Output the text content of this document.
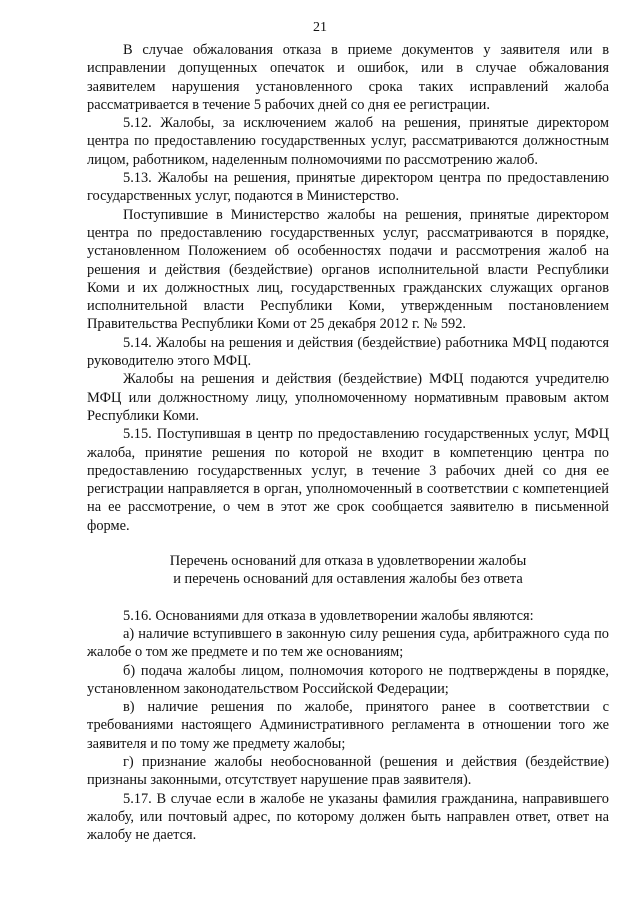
21

В случае обжалования отказа в приеме документов у заявителя или в исправлении допущенных опечаток и ошибок, или в случае обжалования заявителем нарушения установленного срока таких исправлений жалоба рассматривается в течение 5 рабочих дней со дня ее регистрации.

5.12. Жалобы, за исключением жалоб на решения, принятые директором центра по предоставлению государственных услуг, рассматриваются должностным лицом, работником, наделенным полномочиями по рассмотрению жалоб.

5.13. Жалобы на решения, принятые директором центра по предоставлению государственных услуг, подаются в Министерство.

Поступившие в Министерство жалобы на решения, принятые директором центра по предоставлению государственных услуг, рассматриваются в порядке, установленном Положением об особенностях подачи и рассмотрения жалоб на решения и действия (бездействие) органов исполнительной власти Республики Коми и их должностных лиц, государственных гражданских служащих органов исполнительной власти Республики Коми, утвержденным постановлением Правительства Республики Коми от 25 декабря 2012 г. № 592.

5.14. Жалобы на решения и действия (бездействие) работника МФЦ подаются руководителю этого МФЦ.

Жалобы на решения и действия (бездействие) МФЦ подаются учредителю МФЦ или должностному лицу, уполномоченному нормативным правовым актом Республики Коми.

5.15. Поступившая в центр по предоставлению государственных услуг, МФЦ жалоба, принятие решения по которой не входит в компетенцию центра по предоставлению государственных услуг, в течение 3 рабочих дней со дня ее регистрации направляется в орган, уполномоченный в соответствии с компетенцией на ее рассмотрение, о чем в этот же срок сообщается заявителю в письменной форме.

Перечень оснований для отказа в удовлетворении жалобы
и перечень оснований для оставления жалобы без ответа

5.16. Основаниями для отказа в удовлетворении жалобы являются:

а) наличие вступившего в законную силу решения суда, арбитражного суда по жалобе о том же предмете и по тем же основаниям;

б) подача жалобы лицом, полномочия которого не подтверждены в порядке, установленном законодательством Российской Федерации;

в) наличие решения по жалобе, принятого ранее в соответствии с требованиями настоящего Административного регламента в отношении того же заявителя и по тому же предмету жалобы;

г) признание жалобы необоснованной (решения и действия (бездействие) признаны законными, отсутствует нарушение прав заявителя).

5.17. В случае если в жалобе не указаны фамилия гражданина, направившего жалобу, или почтовый адрес, по которому должен быть направлен ответ, ответ на жалобу не дается.
